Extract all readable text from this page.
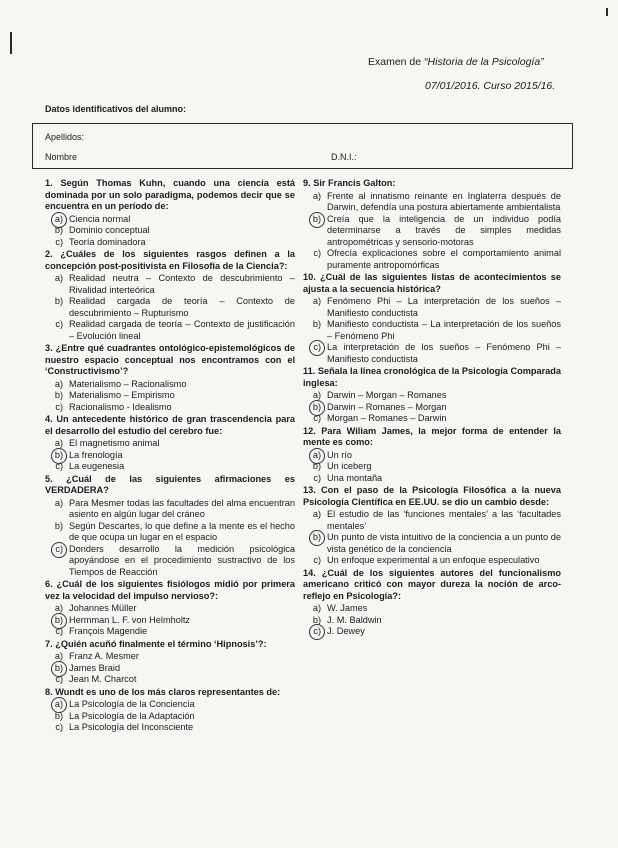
Examen de “Historia de la Psicología”
07/01/2016. Curso 2015/16.
Datos identificativos del alumno:
Apellidos:
Nombre	D.N.I.:
1. Según Thomas Kuhn, cuando una ciencia está dominada por un solo paradigma, podemos decir que se encuentra en un período de:
a) Ciencia normal
b) Dominio conceptual
c) Teoría dominadora
2. ¿Cuáles de los siguientes rasgos definen a la concepción post-positivista en Filosofía de la Ciencia?:
a) Realidad neutra – Contexto de descubrimiento – Rivalidad interteórica
b) Realidad cargada de teoría – Contexto de descubrimiento – Rupturismo
c) Realidad cargada de teoría – Contexto de justificación – Evolución lineal
3. ¿Entre qué cuadrantes ontológico-epistemológicos de nuestro espacio conceptual nos encontramos con el ‘Constructivismo’?
a) Materialismo – Racionalismo
b) Materialismo – Empirismo
c) Racionalismo - Idealismo
4. Un antecedente histórico de gran trascendencia para el desarrollo del estudio del cerebro fue:
a) El magnetismo animal
b) La frenología
c) La eugenesia
5. ¿Cuál de las siguientes afirmaciones es VERDADERA?
a) Para Mesmer todas las facultades del alma encuentran asiento en algún lugar del cráneo
b) Según Descartes, lo que define a la mente es el hecho de que ocupa un lugar en el espacio
c) Donders desarrollo la medición psicológica apoyándose en el procedimiento sustractivo de los Tiempos de Reacción
6. ¿Cuál de los siguientes fisiólogos midió por primera vez la velocidad del impulso nervioso?:
a) Johannes Müller
b) Hermman L. F. von Helmholtz
c) François Magendie
7. ¿Quién acuñó finalmente el término ‘Hipnosis’?:
a) Franz A. Mesmer
b) James Braid
c) Jean M. Charcot
8. Wundt es uno de los más claros representantes de:
a) La Psicología de la Conciencia
b) La Psicología de la Adaptación
c) La Psicología del Inconsciente
9. Sir Francis Galton:
a) Frente al innatismo reinante en Inglaterra después de Darwin, defendía una postura abiertamente ambientalista
b) Creía que la inteligencia de un individuo podía determinarse a través de simples medidas antropométricas y sensorio-motoras
c) Ofrecía explicaciones sobre el comportamiento animal puramente antropomórficas
10. ¿Cuál de las siguientes listas de acontecimientos se ajusta a la secuencia histórica?
a) Fenómeno Phi – La interpretación de los sueños – Manifiesto conductista
b) Manifiesto conductista – La interpretación de los sueños – Fenómeno Phi
c) La interpretación de los sueños – Fenómeno Phi – Manifiesto conductista
11. Señala la línea cronológica de la Psicología Comparada inglesa:
a) Darwin – Morgan – Romanes
b) Darwin – Romanes – Morgan
c) Morgan – Romanes – Darwin
12. Para Wiliam James, la mejor forma de entender la mente es como:
a) Un río
b) Un iceberg
c) Una montaña
13. Con el paso de la Psicología Filosófica a la nueva Psicología Científica en EE.UU. se dio un cambio desde:
a) El estudio de las ‘funciones mentales’ a las ‘facultades mentales’
b) Un punto de vista intuitivo de la conciencia a un punto de vista genético de la conciencia
c) Un enfoque experimental a un enfoque especulativo
14. ¿Cuál de los siguientes autores del funcionalismo americano criticó con mayor dureza la noción de arco-reflejo en Psicología?:
a) W. James
b) J. M. Baldwin
c) J. Dewey
